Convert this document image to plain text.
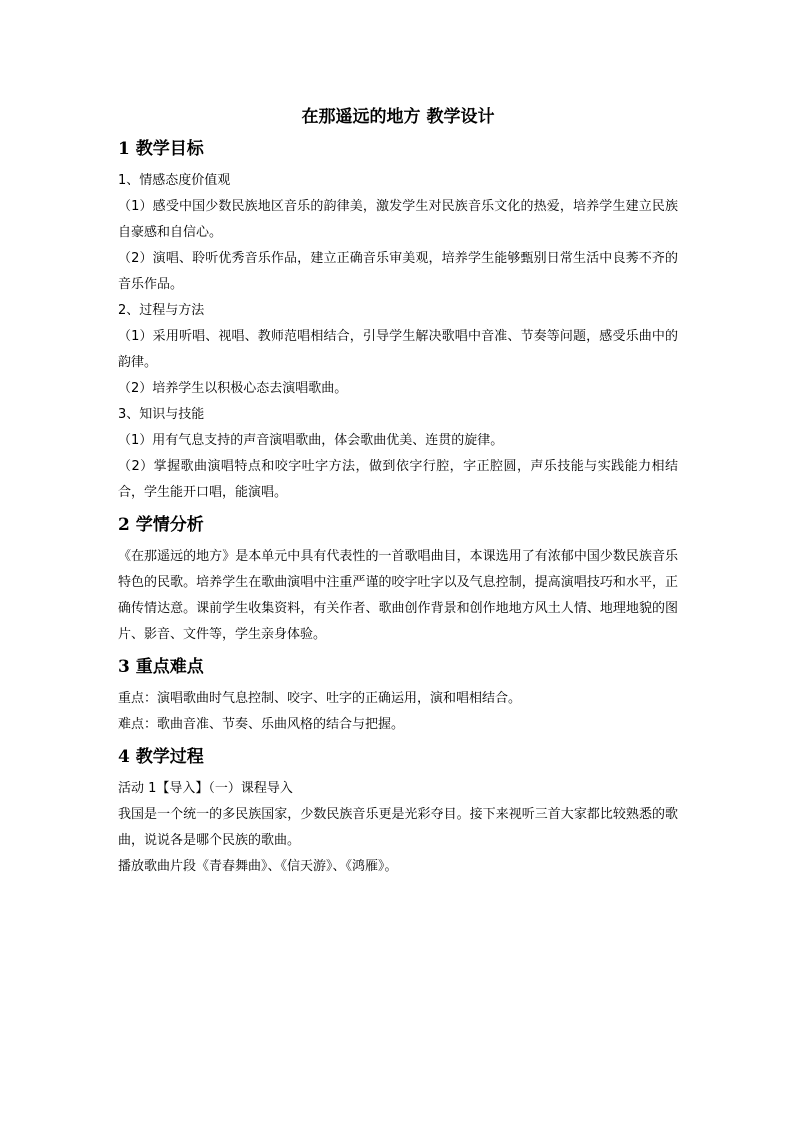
在那遥远的地方 教学设计
1 教学目标

1、情感态度价值观

（1）感受中国少数民族地区音乐的韵律美，激发学生对民族音乐文化的热爱，培养学生建立民族自豪感和自信心。

（2）演唱、聆听优秀音乐作品，建立正确音乐审美观，培养学生能够甄别日常生活中良莠不齐的音乐作品。

2、过程与方法

（1）采用听唱、视唱、教师范唱相结合，引导学生解决歌唱中音准、节奏等问题，感受乐曲中的韵律。

（2）培养学生以积极心态去演唱歌曲。

3、知识与技能

（1）用有气息支持的声音演唱歌曲，体会歌曲优美、连贯的旋律。

（2）掌握歌曲演唱特点和咬字吐字方法，做到依字行腔，字正腔圆，声乐技能与实践能力相结合，学生能开口唱，能演唱。

2 学情分析

《在那遥远的地方》是本单元中具有代表性的一首歌唱曲目，本课选用了有浓郁中国少数民族音乐特色的民歌。培养学生在歌曲演唱中注重严谨的咬字吐字以及气息控制，提高演唱技巧和水平，正确传情达意。课前学生收集资料，有关作者、歌曲创作背景和创作地地方风土人情、地理地貌的图片、影音、文件等，学生亲身体验。

3 重点难点

重点：演唱歌曲时气息控制、咬字、吐字的正确运用，演和唱相结合。

难点：歌曲音准、节奏、乐曲风格的结合与把握。

4 教学过程

活动 1【导入】（一）课程导入

我国是一个统一的多民族国家，少数民族音乐更是光彩夺目。接下来视听三首大家都比较熟悉的歌曲，说说各是哪个民族的歌曲。

播放歌曲片段《青春舞曲》、《信天游》、《鸿雁》。
